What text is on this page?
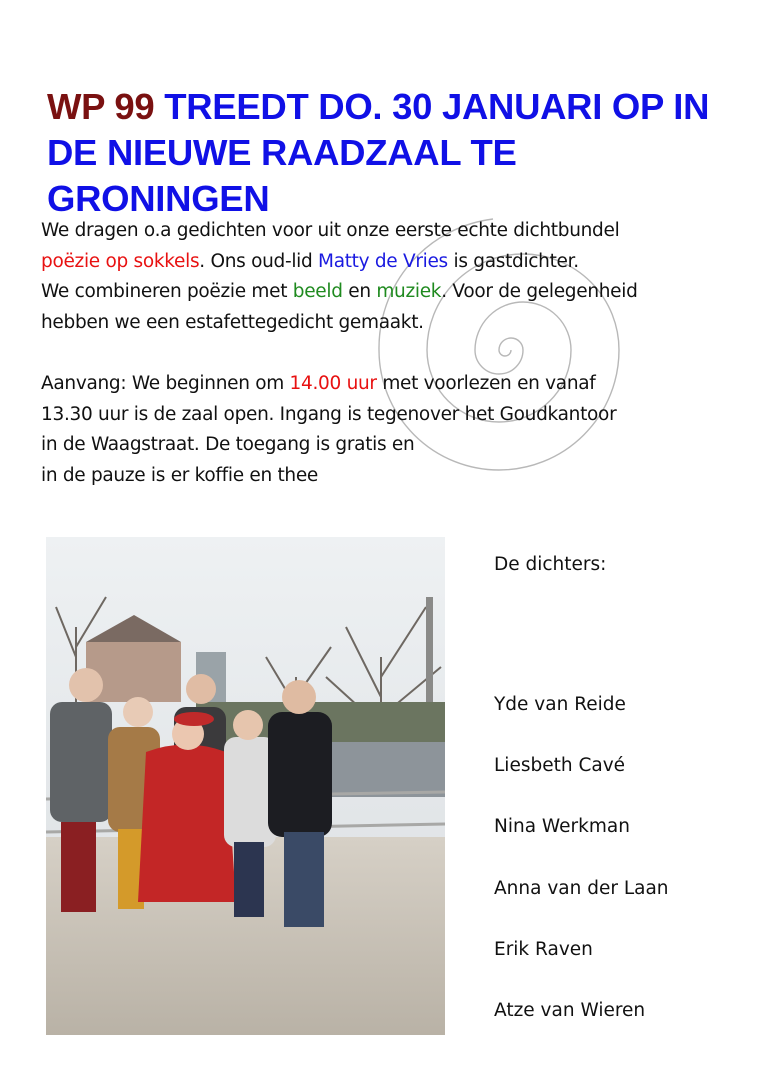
WP 99 TREEDT DO. 30 JANUARI OP IN
DE NIEUWE RAADZAAL TE GRONINGEN

We dragen o.a gedichten voor uit onze eerste echte dichtbundel
poëzie op sokkels. Ons oud-lid Matty de Vries is gastdichter.
We combineren poëzie met beeld en muziek. Voor de gelegenheid
hebben we een estafettegedicht gemaakt.

Aanvang: We beginnen om 14.00 uur met voorlezen en vanaf
13.30 uur is de zaal open. Ingang is tegenover het Goudkantoor
in de Waagstraat. De toegang is gratis en
in de pauze is er koffie en thee

De dichters:

Yde van Reide
Liesbeth Cavé
Nina Werkman
Anna van der Laan
Erik Raven
Atze van Wieren
